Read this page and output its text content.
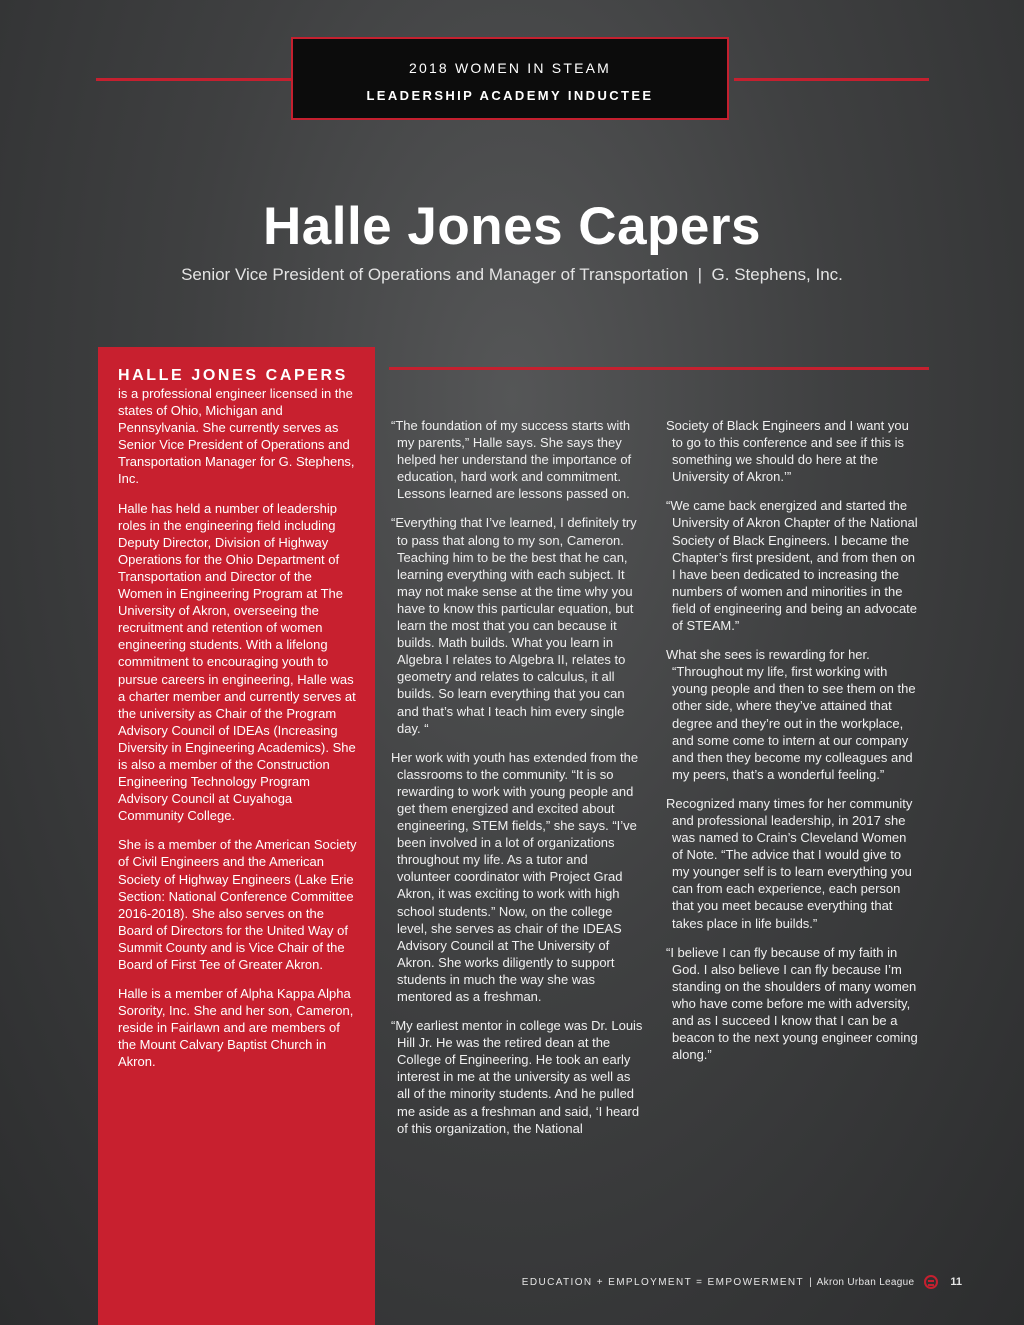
2018 WOMEN IN STEAM
LEADERSHIP ACADEMY INDUCTEE
Halle Jones Capers
Senior Vice President of Operations and Manager of Transportation  |  G. Stephens, Inc.
HALLE JONES CAPERS

is a professional engineer licensed in the states of Ohio, Michigan and Pennsylvania. She currently serves as Senior Vice President of Operations and Transportation Manager for G. Stephens, Inc.

Halle has held a number of leadership roles in the engineering field including Deputy Director, Division of Highway Operations for the Ohio Department of Transportation and Director of the Women in Engineering Program at The University of Akron, overseeing the recruitment and retention of women engineering students. With a lifelong commitment to encouraging youth to pursue careers in engineering, Halle was a charter member and currently serves at the university as Chair of the Program Advisory Council of IDEAs (Increasing Diversity in Engineering Academics). She is also a member of the Construction Engineering Technology Program Advisory Council at Cuyahoga Community College.

She is a member of the American Society of Civil Engineers and the American Society of Highway Engineers (Lake Erie Section: National Conference Committee 2016-2018). She also serves on the Board of Directors for the United Way of Summit County and is Vice Chair of the Board of First Tee of Greater Akron.

Halle is a member of Alpha Kappa Alpha Sorority, Inc. She and her son, Cameron, reside in Fairlawn and are members of the Mount Calvary Baptist Church in Akron.

“The foundation of my success starts with my parents,” Halle says. She says they helped her understand the importance of education, hard work and commitment. Lessons learned are lessons passed on.

“Everything that I’ve learned, I definitely try to pass that along to my son, Cameron. Teaching him to be the best that he can, learning everything with each subject. It may not make sense at the time why you have to know this particular equation, but learn the most that you can because it builds. Math builds. What you learn in Algebra I relates to Algebra II, relates to geometry and relates to calculus, it all builds. So learn everything that you can and that’s what I teach him every single day. “

Her work with youth has extended from the classrooms to the community. “It is so rewarding to work with young people and get them energized and excited about engineering, STEM fields,” she says. “I’ve been involved in a lot of organizations throughout my life. As a tutor and volunteer coordinator with Project Grad Akron, it was exciting to work with high school students.” Now, on the college level, she serves as chair of the IDEAS Advisory Council at The University of Akron. She works diligently to support students in much the way she was mentored as a freshman.

“My earliest mentor in college was Dr. Louis Hill Jr. He was the retired dean at the College of Engineering. He took an early interest in me at the university as well as all of the minority students. And he pulled me aside as a freshman and said, ‘I heard of this organization, the National

Society of Black Engineers and I want you to go to this conference and see if this is something we should do here at the University of Akron.’”

“We came back energized and started the University of Akron Chapter of the National Society of Black Engineers. I became the Chapter’s first president, and from then on I have been dedicated to increasing the numbers of women and minorities in the field of engineering and being an advocate of STEAM.”

What she sees is rewarding for her. “Throughout my life, first working with young people and then to see them on the other side, where they’ve attained that degree and they’re out in the workplace, and some come to intern at our company and then they become my colleagues and my peers, that’s a wonderful feeling.”

Recognized many times for her community and professional leadership, in 2017 she was named to Crain’s Cleveland Women of Note. “The advice that I would give to my younger self is to learn everything you can from each experience, each person that you meet because everything that takes place in life builds.”

“I believe I can fly because of my faith in God. I also believe I can fly because I’m standing on the shoulders of many women who have come before me with adversity, and as I succeed I know that I can be a beacon to the next young engineer coming along.”

EDUCATION + EMPLOYMENT = EMPOWERMENT | Akron Urban League	11
